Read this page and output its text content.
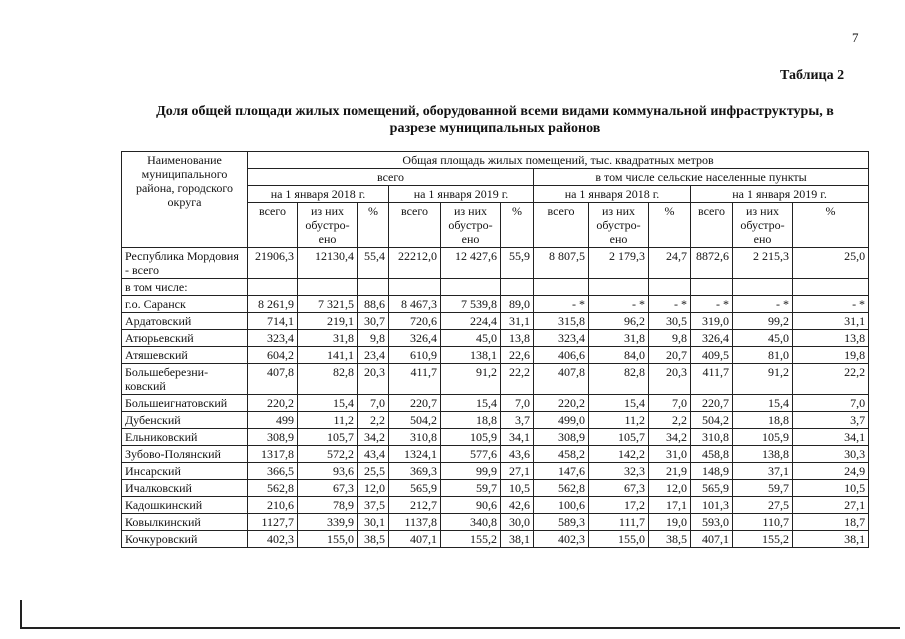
7
Таблица 2
Доля общей площади жилых помещений, оборудованной всеми видами коммунальной инфраструктуры, в
разрезе муниципальных районов
Наименование муниципального района, городского округа	Общая площадь жилых помещений, тыс. квадратных метров											
	всего						в том числе сельские населенные пункты					
	на 1 января 2018 г.			на 1 января 2019 г.			на 1 января 2018 г.			на 1 января 2019 г.		
	всего	из них обустро-ено	%	всего	из них обустро-ено	%	всего	из них обустро-ено	%	всего	из них обустро-ено	%
Республика Мордовия - всего	21906,3	12130,4	55,4	22212,0	12 427,6	55,9	8 807,5	2 179,3	24,7	8872,6	2 215,3	25,0
в том числе:												
г.о. Саранск	8 261,9	7 321,5	88,6	8 467,3	7 539,8	89,0	- *	- *	- *	- *	- *	- *
Ардатовский	714,1	219,1	30,7	720,6	224,4	31,1	315,8	96,2	30,5	319,0	99,2	31,1
Атюрьевский	323,4	31,8	9,8	326,4	45,0	13,8	323,4	31,8	9,8	326,4	45,0	13,8
Атяшевский	604,2	141,1	23,4	610,9	138,1	22,6	406,6	84,0	20,7	409,5	81,0	19,8
Большеберезни-ковский	407,8	82,8	20,3	411,7	91,2	22,2	407,8	82,8	20,3	411,7	91,2	22,2
Большеигнатовский	220,2	15,4	7,0	220,7	15,4	7,0	220,2	15,4	7,0	220,7	15,4	7,0
Дубенский	499	11,2	2,2	504,2	18,8	3,7	499,0	11,2	2,2	504,2	18,8	3,7
Ельниковский	308,9	105,7	34,2	310,8	105,9	34,1	308,9	105,7	34,2	310,8	105,9	34,1
Зубово-Полянский	1317,8	572,2	43,4	1324,1	577,6	43,6	458,2	142,2	31,0	458,8	138,8	30,3
Инсарский	366,5	93,6	25,5	369,3	99,9	27,1	147,6	32,3	21,9	148,9	37,1	24,9
Ичалковский	562,8	67,3	12,0	565,9	59,7	10,5	562,8	67,3	12,0	565,9	59,7	10,5
Кадошкинский	210,6	78,9	37,5	212,7	90,6	42,6	100,6	17,2	17,1	101,3	27,5	27,1
Ковылкинский	1127,7	339,9	30,1	1137,8	340,8	30,0	589,3	111,7	19,0	593,0	110,7	18,7
Кочкуровский	402,3	155,0	38,5	407,1	155,2	38,1	402,3	155,0	38,5	407,1	155,2	38,1
